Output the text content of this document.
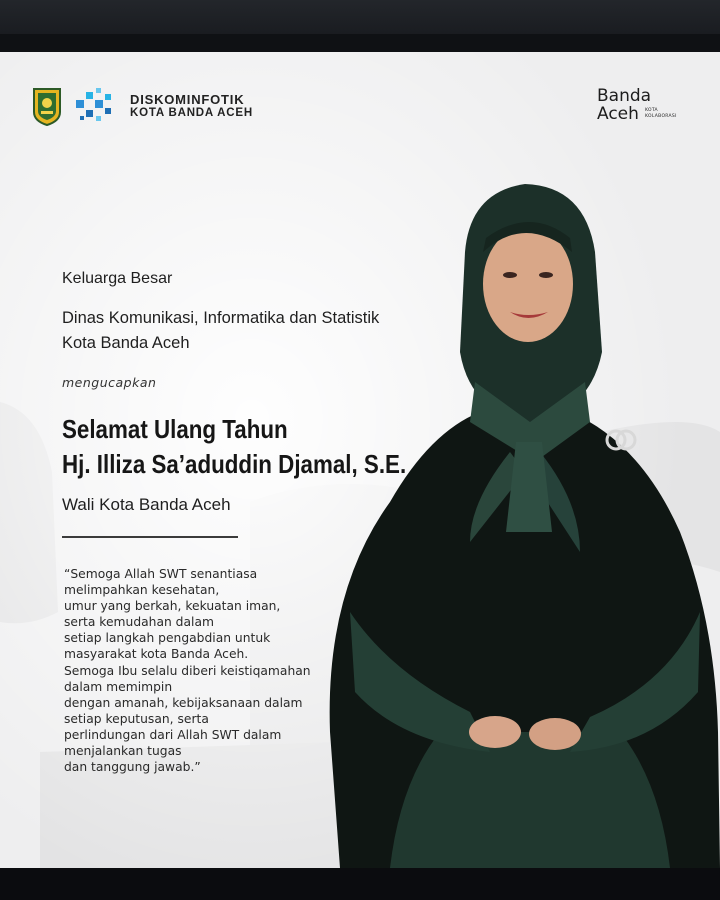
DISKOMINFOTIK
KOTA BANDA ACEH
Banda
Aceh KOTA KOLABORASI
Keluarga Besar
Dinas Komunikasi, Informatika dan Statistik
Kota Banda Aceh
mengucapkan
Selamat Ulang Tahun
Hj. Illiza Sa’aduddin Djamal, S.E.
Wali Kota Banda Aceh
“Semoga Allah SWT senantiasa
melimpahkan kesehatan,
umur yang berkah, kekuatan iman,
serta kemudahan dalam
setiap langkah pengabdian untuk
masyarakat kota Banda Aceh.
Semoga Ibu selalu diberi keistiqamahan
dalam memimpin
dengan amanah, kebijaksanaan dalam
setiap keputusan, serta
perlindungan dari Allah SWT dalam
menjalankan tugas
dan tanggung jawab.”
